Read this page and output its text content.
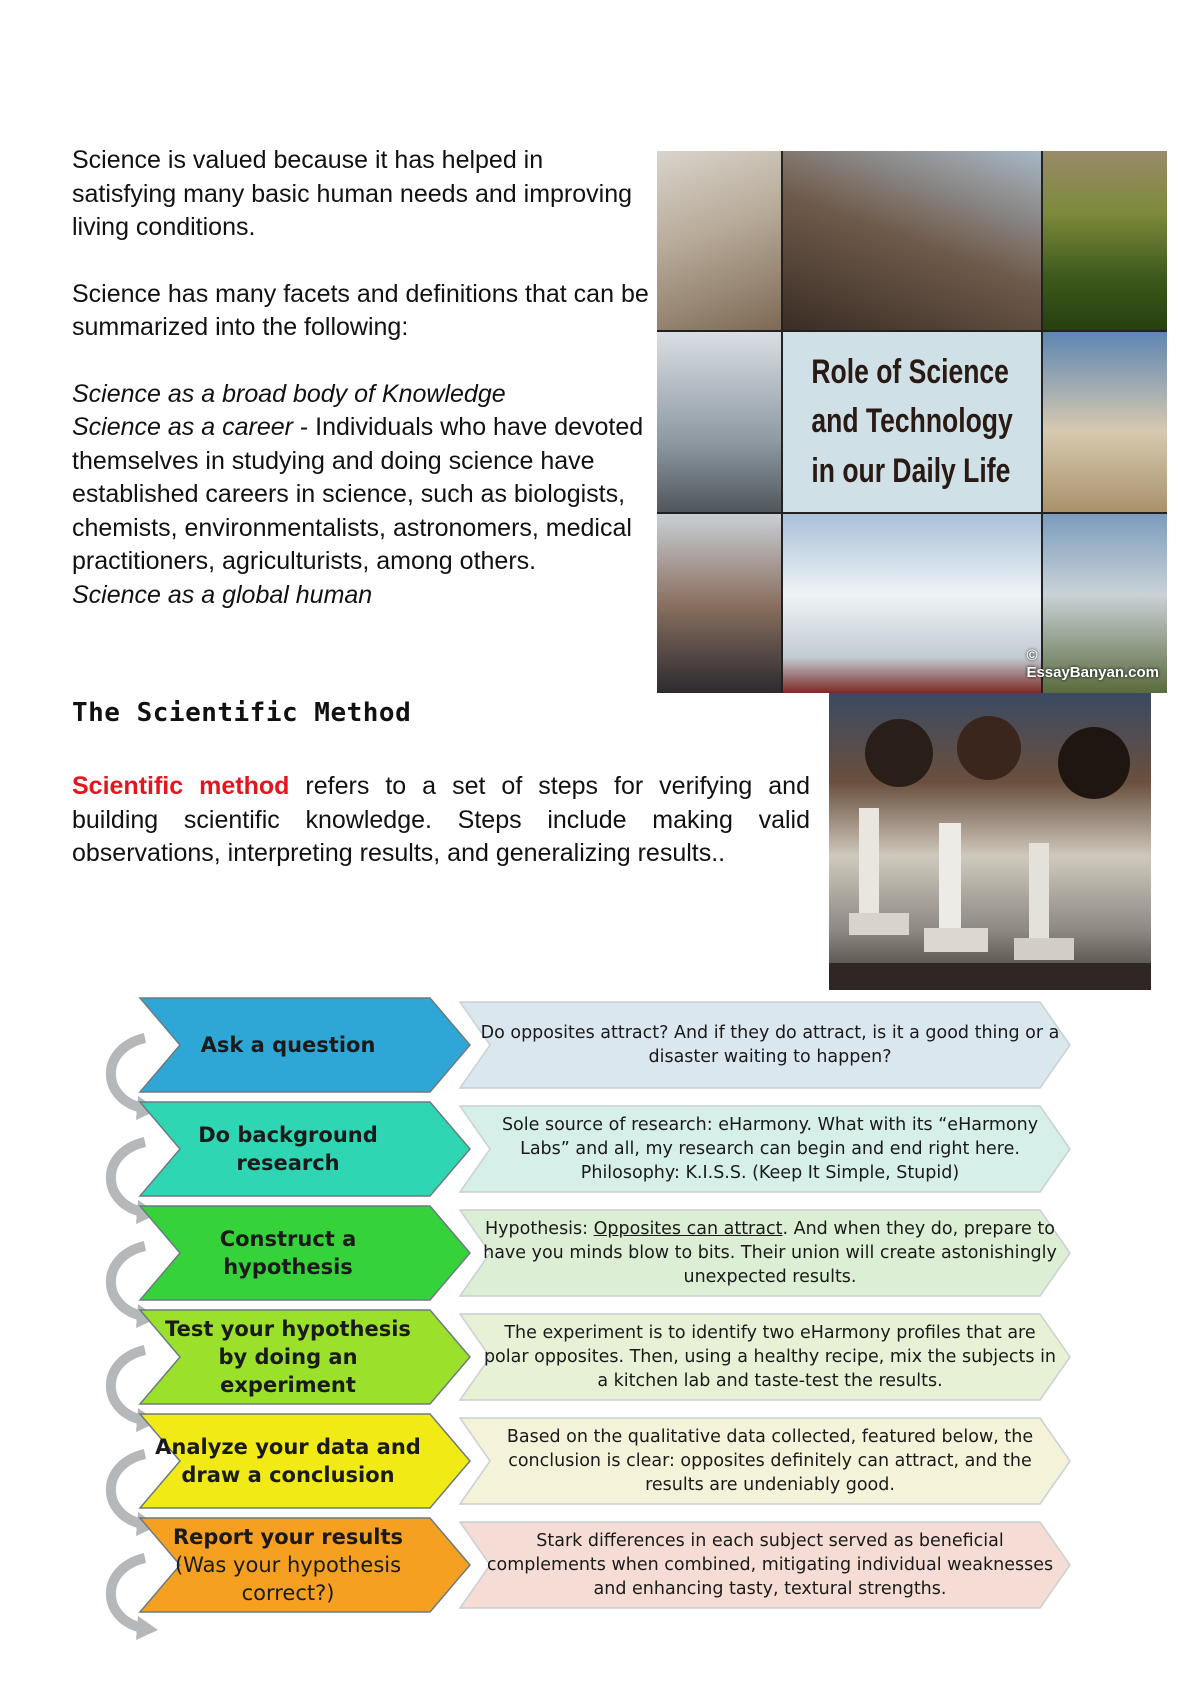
Science is valued because it has helped in satisfying many basic human needs and improving living conditions.

Science has many facets and definitions that can be summarized into the following:

Science as a broad body of Knowledge

Science as a career - Individuals who have devoted themselves in studying and doing science have established careers in science, such as biologists, chemists, environmentalists, astronomers, medical practitioners, agriculturists, among others.

Science as a global human

Role of Science
and Technology
in our Daily Life
© EssayBanyan.com
The Scientific Method
Scientific method refers to a set of steps for verifying and building scientific knowledge. Steps include making valid observations, interpreting results, and generalizing results..
Ask a question	Do opposites attract? And if they do attract, is it a good thing or a disaster waiting to happen?
Do background research
Sole source of research: eHarmony. What with its “eHarmony Labs” and all, my research can begin and end right here. Philosophy: K.I.S.S. (Keep It Simple, Stupid)
Construct a hypothesis
Hypothesis: Opposites can attract. And when they do, prepare to have you minds blow to bits. Their union will create astonishingly unexpected results.
Test your hypothesis by doing an experiment
The experiment is to identify two eHarmony profiles that are polar opposites. Then, using a healthy recipe, mix the subjects in a kitchen lab and taste-test the results.
Analyze your data and draw a conclusion
Based on the qualitative data collected, featured below, the conclusion is clear: opposites definitely can attract, and the results are undeniably good.
Report your results
(Was your hypothesis correct?)
Stark differences in each subject served as beneficial complements when combined, mitigating individual weaknesses and enhancing tasty, textural strengths.
